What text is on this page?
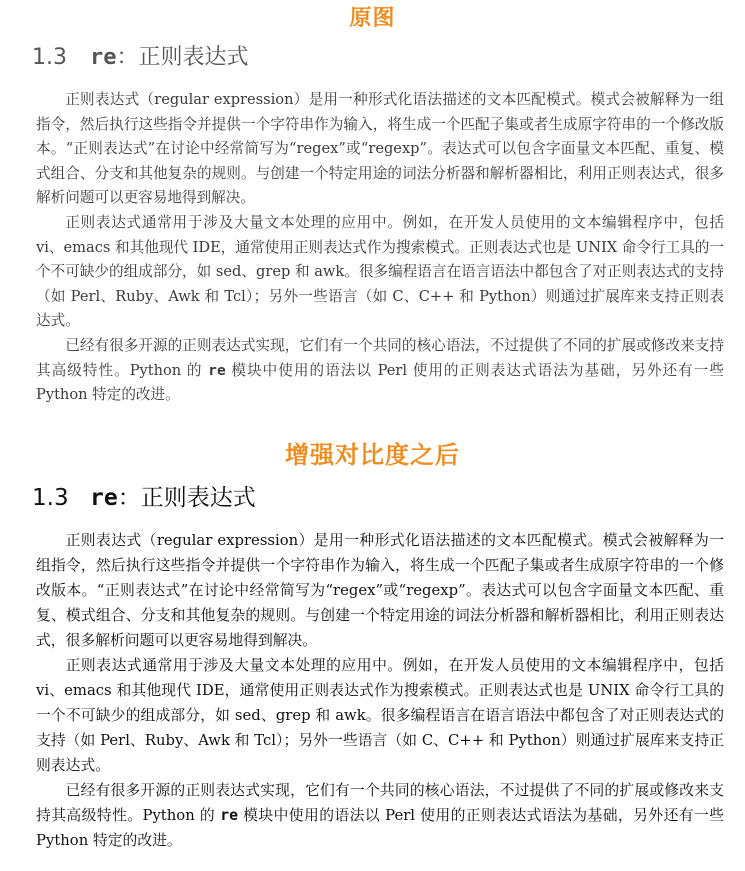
原图
1.3 re：正则表达式

正则表达式（regular expression）是用一种形式化语法描述的文本匹配模式。模式会被解释为一组指令，然后执行这些指令并提供一个字符串作为输入，将生成一个匹配子集或者生成原字符串的一个修改版本。“正则表达式”在讨论中经常简写为“regex”或“regexp”。表达式可以包含字面量文本匹配、重复、模式组合、分支和其他复杂的规则。与创建一个特定用途的词法分析器和解析器相比，利用正则表达式，很多解析问题可以更容易地得到解决。

正则表达式通常用于涉及大量文本处理的应用中。例如，在开发人员使用的文本编辑程序中，包括 vi、emacs 和其他现代 IDE，通常使用正则表达式作为搜索模式。正则表达式也是 UNIX 命令行工具的一个不可缺少的组成部分，如 sed、grep 和 awk。很多编程语言在语言语法中都包含了对正则表达式的支持（如 Perl、Ruby、Awk 和 Tcl）；另外一些语言（如 C、C++ 和 Python）则通过扩展库来支持正则表达式。

已经有很多开源的正则表达式实现，它们有一个共同的核心语法，不过提供了不同的扩展或修改来支持其高级特性。Python 的 re 模块中使用的语法以 Perl 使用的正则表达式语法为基础，另外还有一些 Python 特定的改进。

增强对比度之后
1.3 re：正则表达式

正则表达式（regular expression）是用一种形式化语法描述的文本匹配模式。模式会被解释为一组指令，然后执行这些指令并提供一个字符串作为输入，将生成一个匹配子集或者生成原字符串的一个修改版本。“正则表达式”在讨论中经常简写为“regex”或“regexp”。表达式可以包含字面量文本匹配、重复、模式组合、分支和其他复杂的规则。与创建一个特定用途的词法分析器和解析器相比，利用正则表达式，很多解析问题可以更容易地得到解决。

正则表达式通常用于涉及大量文本处理的应用中。例如，在开发人员使用的文本编辑程序中，包括 vi、emacs 和其他现代 IDE，通常使用正则表达式作为搜索模式。正则表达式也是 UNIX 命令行工具的一个不可缺少的组成部分，如 sed、grep 和 awk。很多编程语言在语言语法中都包含了对正则表达式的支持（如 Perl、Ruby、Awk 和 Tcl）；另外一些语言（如 C、C++ 和 Python）则通过扩展库来支持正则表达式。

已经有很多开源的正则表达式实现，它们有一个共同的核心语法，不过提供了不同的扩展或修改来支持其高级特性。Python 的 re 模块中使用的语法以 Perl 使用的正则表达式语法为基础，另外还有一些 Python 特定的改进。
